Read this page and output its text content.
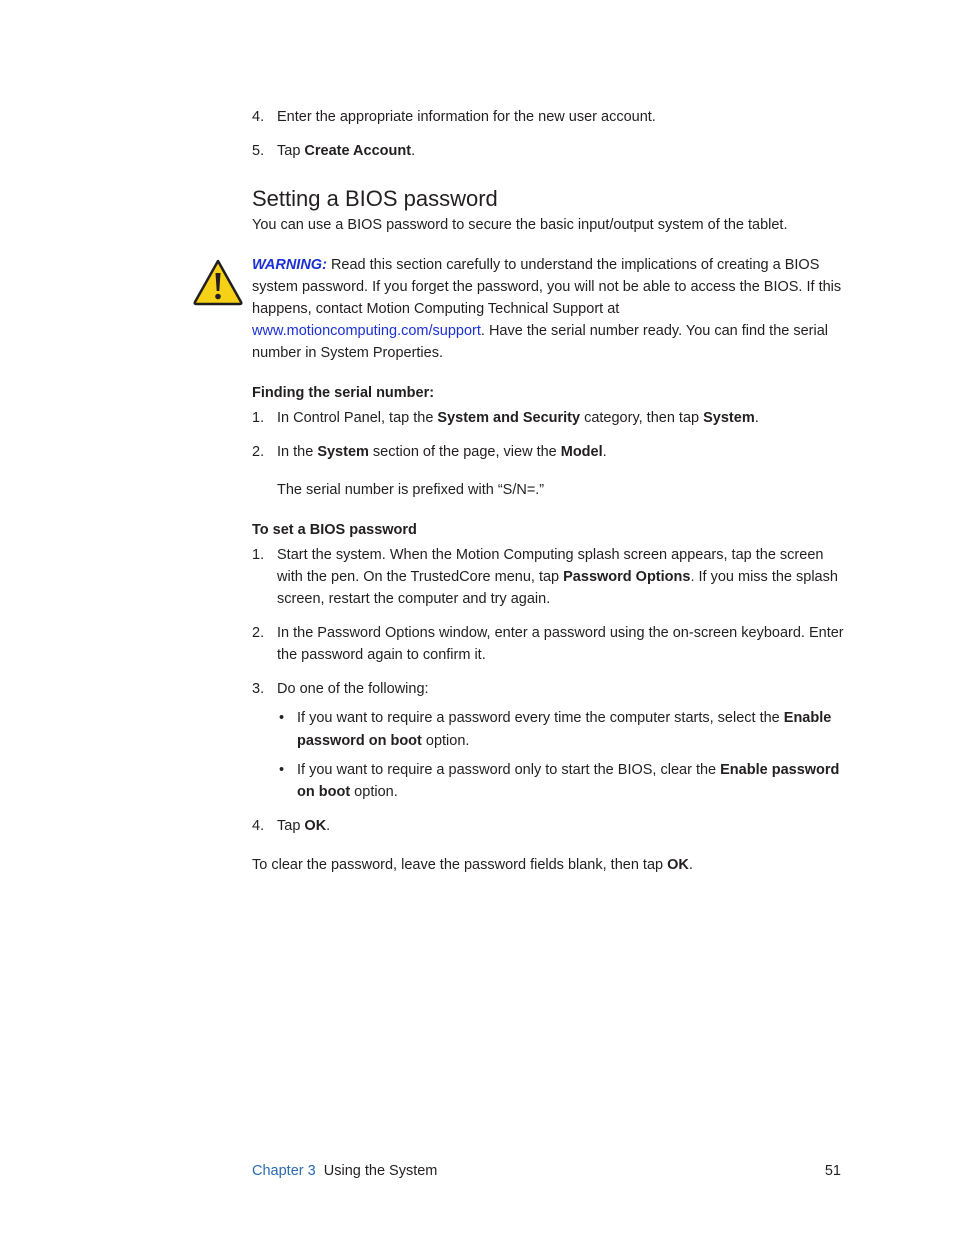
4. Enter the appropriate information for the new user account.

5. Tap Create Account.

Setting a BIOS password

You can use a BIOS password to secure the basic input/output system of the tablet.

WARNING: Read this section carefully to understand the implications of creating a BIOS system password. If you forget the password, you will not be able to access the BIOS. If this happens, contact Motion Computing Technical Support at www.motioncomputing.com/support. Have the serial number ready. You can find the serial number in System Properties.

Finding the serial number:
1. In Control Panel, tap the System and Security category, then tap System.

2. In the System section of the page, view the Model.

The serial number is prefixed with “S/N=.”

To set a BIOS password
1. Start the system. When the Motion Computing splash screen appears, tap the screen with the pen. On the TrustedCore menu, tap Password Options. If you miss the splash screen, restart the computer and try again.

2. In the Password Options window, enter a password using the on-screen keyboard. Enter the password again to confirm it.

3. Do one of the following:

• If you want to require a password every time the computer starts, select the Enable password on boot option.

• If you want to require a password only to start the BIOS, clear the Enable password on boot option.

4. Tap OK.

To clear the password, leave the password fields blank, then tap OK.

Chapter 3 Using the System	51
